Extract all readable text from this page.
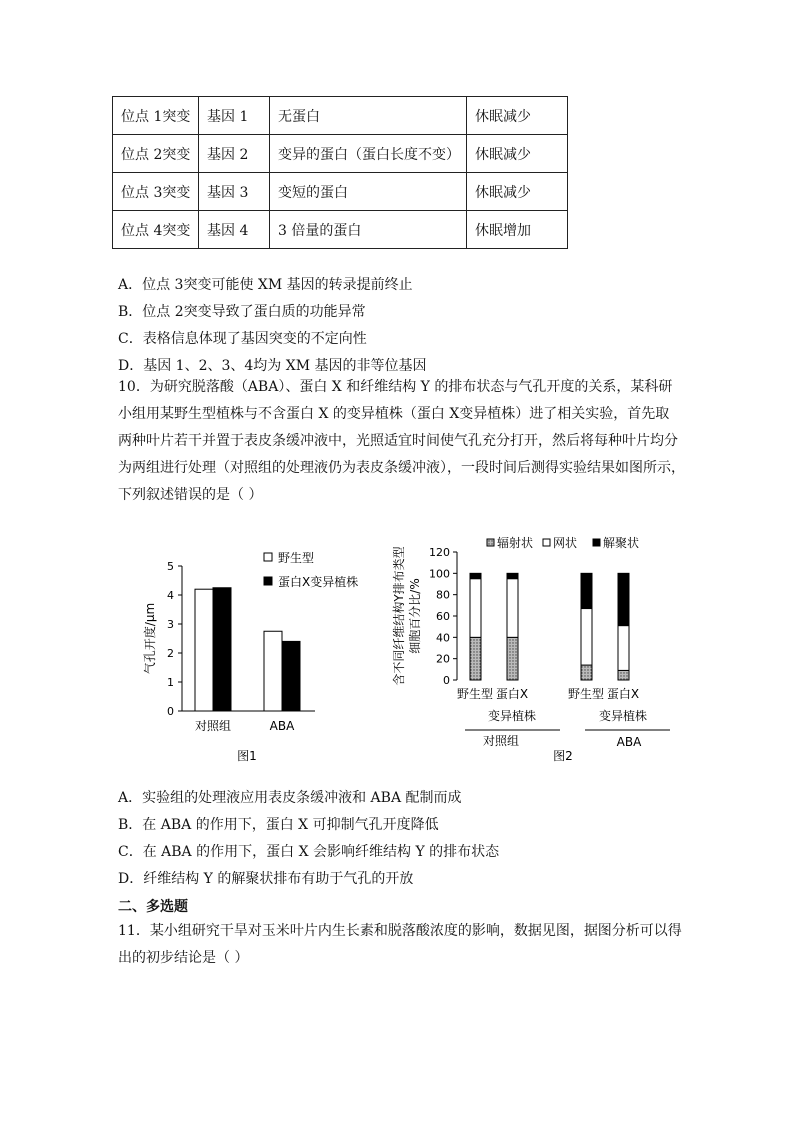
位点 1突变	基因 1	无蛋白	休眠减少
位点 2突变	基因 2	变异的蛋白（蛋白长度不变）	休眠减少
位点 3突变	基因 3	变短的蛋白	休眠减少
位点 4突变	基因 4	3 倍量的蛋白	休眠增加
A．位点 3突变可能使 XM 基因的转录提前终止
B．位点 2突变导致了蛋白质的功能异常
C．表格信息体现了基因突变的不定向性
D．基因 1、2、3、4均为 XM 基因的非等位基因
10．为研究脱落酸（ABA）、蛋白 X 和纤维结构 Y 的排布状态与气孔开度的关系，某科研
小组用某野生型植株与不含蛋白 X 的变异植株（蛋白 X变异植株）进了相关实验，首先取
两种叶片若干并置于表皮条缓冲液中，光照适宜时间使气孔充分打开，然后将每种叶片均分
为两组进行处理（对照组的处理液仍为表皮条缓冲液），一段时间后测得实验结果如图所示，
下列叙述错误的是（ ）
0
1
2
3
4
5
气孔开度/μm
对照组	ABA
野生型
蛋白X变异植株
图1
0
20
40
60
80
100
120
含不同纤维结构Y排布类型 细胞百分比/%
野生型 蛋白X
变异植株
野生型 蛋白X
变异植株
对照组	ABA
辐射状 网状 解聚状
图2
A．实验组的处理液应用表皮条缓冲液和 ABA 配制而成
B．在 ABA 的作用下，蛋白 X 可抑制气孔开度降低
C．在 ABA 的作用下，蛋白 X 会影响纤维结构 Y 的排布状态
D．纤维结构 Y 的解聚状排布有助于气孔的开放
二、多选题
11．某小组研究干旱对玉米叶片内生长素和脱落酸浓度的影响，数据见图，据图分析可以得
出的初步结论是（ ）
